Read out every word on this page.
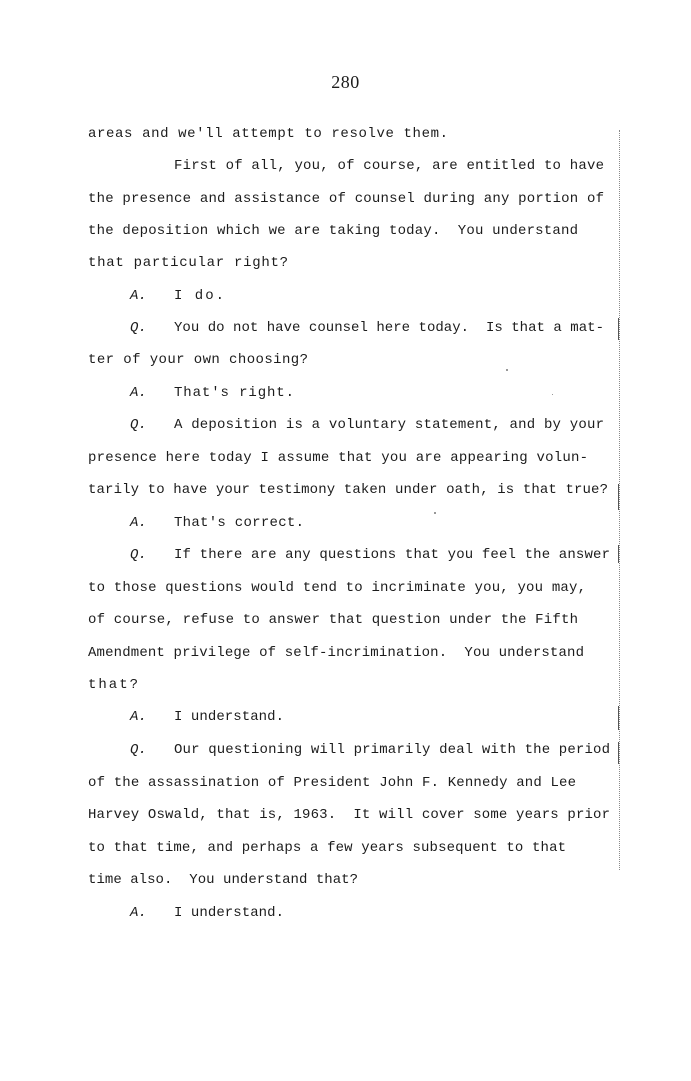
280
areas and we'll attempt to resolve them.
First of all, you, of course, are entitled to have
the presence and assistance of counsel during any portion of
the deposition which we are taking today.  You understand
that particular right?
A. I do.
Q. You do not have counsel here today.  Is that a mat-
ter of your own choosing?
A. That's right.
Q. A deposition is a voluntary statement, and by your
presence here today I assume that you are appearing volun-
tarily to have your testimony taken under oath, is that true?
A. That's correct.
Q. If there are any questions that you feel the answer
to those questions would tend to incriminate you, you may,
of course, refuse to answer that question under the Fifth
Amendment privilege of self-incrimination.  You understand
that?
A. I understand.
Q. Our questioning will primarily deal with the period
of the assassination of President John F. Kennedy and Lee
Harvey Oswald, that is, 1963.  It will cover some years prior
to that time, and perhaps a few years subsequent to that
time also.  You understand that?
A. I understand.
